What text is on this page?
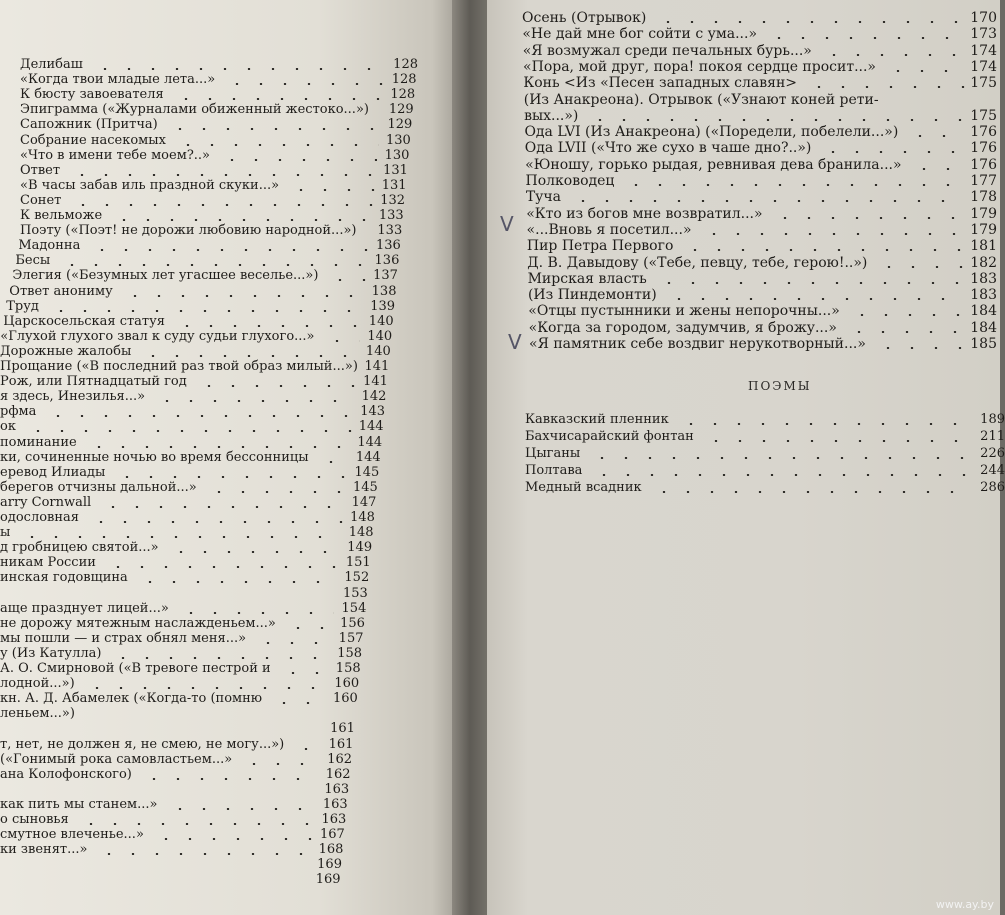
V
V
ПОЭМЫ
www.ay.by
Делибаш	128
«Когда твои младые лета...»	128
К бюсту завоевателя	128
Эпиграмма («Журналами обиженный жестоко...») 129
Сапожник (Притча)	129
Собрание насекомых	130
«Что в имени тебе моем?..»	130
Ответ	131
«В часы забав иль праздной скуки...»	131
Сонет	132
К вельможе	133
Поэту («Поэт! не дорожи любовию народной...») 133
Мадонна	136
Бесы	136
Элегия («Безумных лет угасшее веселье...»)	137
Ответ анониму	138
Труд	139
Царскосельская статуя	140
«Глухой глухого звал к суду судьи глухого...»	140
Дорожные жалобы	140
Прощание («В последний раз твой образ милый...») 141
Рож, или Пятнадцатый год	141
я здесь, Инезилья...»	142
рфма	143
ок	144
поминание	144
ки, сочиненные ночью во время бессонницы	144
еревод Илиады	145
берегов отчизны дальной...»	145
arry Cornwall	147
одословная	148
ы	148
д гробницею святой...»	149
никам России	151
инская годовщина	152
153
аще празднует лицей...»	154
не дорожу мятежным наслажденьем...»	156
мы пошли — и страх обнял меня...»	157
у (Из Катулла)	158
А. О. Смирновой («В тревоге пестрой и	158
лодной...»)	160
кн. А. Д. Абамелек («Когда-то (помню	160
леньем...»)
161
т, нет, не должен я, не смею, не могу...»)	161
(«Гонимый рока самовластьем...»	162
ана Колофонского)	162
163
как пить мы станем...»	163
о сыновья	163
смутное влеченье...»	167
ки звенят...»	168
169
169
Осень (Отрывок)	170
«Не дай мне бог сойти с ума...»	173
«Я возмужал среди печальных бурь...»	174
«Пора, мой друг, пора! покоя сердце просит...»	174
Конь <Из «Песен западных славян>	175
(Из Анакреона). Отрывок («Узнают коней рети-
вых...»)	175
Ода LVI (Из Анакреона) («Поредели, побелели...»)	176
Ода LVII («Что же сухо в чаше дно?..»)	176
«Юношу, горько рыдая, ревнивая дева бранила...»	176
Полководец	177
Туча	178
«Кто из богов мне возвратил...»	179
«...Вновь я посетил...»	179
Пир Петра Первого	181
Д. В. Давыдову («Тебе, певцу, тебе, герою!..»)	182
Мирская власть	183
(Из Пиндемонти)	183
«Отцы пустынники и жены непорочны...»	184
«Когда за городом, задумчив, я брожу...»	184
«Я памятник себе воздвиг нерукотворный...»	185
Кавказский пленник	189
Бахчисарайский фонтан	211
Цыганы	226
Полтава	244
Медный всадник	286
